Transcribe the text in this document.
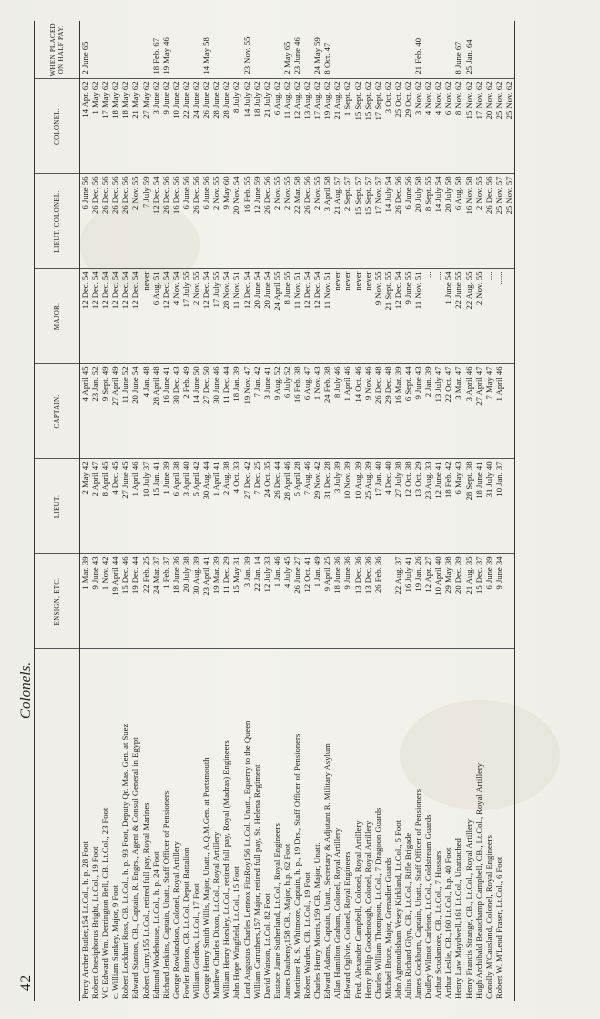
42
Colonels.
	ENSIGN, ETC.	LIEUT.	CAPTAIN.	MAJOR.	LIEUT. COLONEL.	COLONEL.	WHEN PLACED ON HALF PAY.
Percy Archer Butler,154 Lt.Col., h. p. 28 Foot	1 Mar. 39	2 May 42	4 April 45	12 Dec. 54	6 June 56	14 Apr. 62	2 June 65
Robert Onesiphorus Bright, Lt.Col., 19 Foot	9 June 43	2 April 47	23 Jan. 52	12 Dec. 54	26 Dec. 56	1 May 62	
VC Edward Wm. Derrington Bell, CB. Lt.Col., 23 Foot	1 Nov. 42	8 April 45	9 Sept. 49	12 Dec. 54	26 Dec. 56	17 May 62	
c. William Sankey, Major, 9 Foot	19 April 44	4 Dec. 45	27 April 49	12 Dec. 54	26 Dec. 56	18 May 62	
Robert Lockhart Ross, CB. Lt.Col., h. p. 93 Foot, Deputy Qr. Mas. Gen. at Suez	15 Dec. 46	27 June 45	11 June 52	12 Dec. 54	26 Dec. 56	18 May 62	
Edward Stanton, CB., Captain, R. Engrs., Agent & Consul General in Egypt	19 Dec. 44	1 April 46	20 June 54	12 Dec. 54	2 Nov. 55	21 May 62	
Robert Curry,155 Lt.Col., retired full pay, Royal Marines	22 Feb. 25	10 July 37	4 Jan. 48	never	7 July 59	27 May 62	
Edmund Wodehouse, Lt.Col., h. p. 24 Foot	24 Mar. 37	15 Jan. 41	28 April 48	6 Aug. 51	12 Dec. 54	3 June 62	18 Feb. 67
Richard Jenkins, Captain, Unatt., Staff Officer of Pensioners	1 Feb. 37	1 June 39	16 June 41	12 Dec. 54	26 Dec. 56	9 June 62	19 May 46
George Rowlandson, Colonel, Royal Artillery	18 June 36	6 April 38	30 Dec. 43	4 Nov. 54	16 Dec. 56	10 June 62	
Fowler Burton, CB. Lt.Col. Depot Battalion	20 July 38	3 April 40	2 Feb. 49	17 July 55	6 June 56	22 June 62	
William Gordon, Lt.Col., 17 Foot	30 Aug. 39	5 April 42	14 June 50	2 Nov. 55	26 Dec. 56	24 June 62	
George Henry Smith Willis, Major, Unatt., A.Q.M.Gen. at Portsmouth	23 April 41	30 Aug. 44	27 Dec. 50	12 Dec. 54	6 June 56	26 June 62	14 May 58
Matthew Charles Dixon, Lt.Col., Royal Artillery	19 Mar. 39	1 April 41	30 June 46	17 July 55	2 Nov. 55	28 June 62	
William Henry Horsley, Lt.Col., retired full pay, Royal (Madras) Engineers	11 Dec. 29	2 Aug. 38	11 Dec. 44	28 Nov. 54	9 May 60	28 June 62	
John Hope Wingfield, Lt.Col., 15 Foot	15 May 31	4 Oct. 33	18 Jan. 39	11 Nov. 51	20 Nov. 54	8 July 62	
Lord Augustus Charles Lennox FitzRoy156 Lt.Col. Unatt., Equerry to the Queen	3 Jan. 39	27 Dec. 42	19 Nov. 47	12 Dec. 54	16 Feb. 55	14 July 62	23 Nov. 55
William Carruthers,157 Major, retired full pay, St. Helena Regiment	22 Jan. 14	7 Dec. 25	7 Jan. 42	20 June 54	12 June 59	18 July 62	
David Watson, Lt.Col. 82 Foot	12 July 33	24 Oct. 35	3 June 41	20 June 54	26 Dec. 56	21 July 62	
Eustace Jame Sutherland, Lt.Col., Royal Engineers	1 Jan. 46	26 Dec. 44	9 Aug. 52	24 April 55	2 Nov. 55	6 Aug. 62	
James Daubeny,158 CB., Major, h.p. 62 Foot	4 July 45	28 April 46	6 July 52	8 June 55	2 Nov. 55	11 Aug. 62	2 May 65
Mortimer R. S. Whitmore, Captain, h. p., 19 Drs., Staff Officer of Pensioners	26 June 27	5 April 28	16 Feb. 38	11 Nov. 51	22 Mar. 58	12 Aug. 62	23 June 46
Robert Warden, CB. Lt.Col., 19 Foot	12 Oct. 41	7 Aug. 46	6 Aug. 47	12 Dec. 54	26 Dec. 56	13 Aug. 62	
Charles Henry Morris,159 CB., Major, Unatt.	1 Jan. 49	29 Nov. 42	1 Nov. 43	12 Dec. 54	2 Nov. 55	17 Aug. 62	24 May 59
Edward Adams, Captain, Unatt., Secretary & Adjutant R. Military Asylum	9 April 25	31 Dec. 28	24 Feb. 38	11 Nov. 51	3 April 58	19 Aug. 62	8 Oct. 47
Allan Hamilton Graham, Colonel, Royal Artillery	18 June 36	3 July 39	8 July 46	never	21 Aug. 57	21 Aug. 62	
Edward Ogilvie, Colonel, Royal Engineers	9 June 36	10 Nov. 39	1 April 46	never	2 Sept. 57	1 Sept. 62	
Fred. Alexander Campbell, Colonel, Royal Artillery	13 Dec. 36	10 Aug. 39	14 Oct. 46	never	15 Sept. 57	15 Sept. 62	
Henry Philip Goodenough, Colonel, Royal Artillery	13 Dec. 36	25 Aug. 39	9 Nov. 46	never	15 Sept. 57	15 Sept. 62	
Charles William Thompson, Lt.Col., 7 Dragoon Guards	26 Feb. 36	17 Jan. 40	26 Dec. 48	9 Nov. 55	17 Nov. 57	17 Sept. 62	
Michael Bruce, Major, Grenadier Guards		4 Dec. 40	29 Dec. 48	21 Sept. 55	14 July 54	3 Oct. 62	
John Agmondisham Vesey Kirkland, Lt.Col., 5 Foot	22 Aug. 37	27 July 38	16 Mar. 39	12 Dec. 54	26 Dec. 56	25 Oct. 62	
Julius Richard Glyn, CB., Lt.Col., Rifle Brigade	16 July 41	12 Oct. 38	6 Sept. 44	9 June 55	6 June 56	29 Oct. 62	
James Cockburn, Captain, Unatt., Staff Officer of Pensioners	19 Jan. 26	13 Oct. 29	9 June 43	11 Nov. 51	20 July 58	3 Nov. 62	21 Feb. 40
Dudley Wilmot Carleton, Lt.Col., Coldstream Guards	12 Apr. 27	23 Aug. 33	2 Jan. 39	...	8 Sept. 55	4 Nov. 62	
Arthur Scudamore, CB., Lt.Col., 7 Hussars	10 April 40	12 June 41	13 July 47	....	14 July 54	4 Nov. 62	
Arthur Leslie, CB.,160 Lt.Col., h.p. 40 Foot	29 May 38	18 Feb. 42	22 Oct. 47	1 June 54	20 July 58	6 Nov. 62	
Henry Law Maydwell,161 Lt.Col., Unattached	20 Dec. 39	6 May 43	3 Mar. 47	22 June 55	6 Aug. 58	8 Nov. 62	8 June 67
Henry Francis Strange, CB., Lt.Col., Royal Artillery	21 Aug. 35	28 Sept. 38	3 April 46	22 Aug. 55	16 Nov. 58	15 Nov. 62	25 Jan. 64
Hugh Archibald Beauchamp Campbell, CB., Lt.Col., Royal Artillery	15 Dec. 37	18 June 41	27 April 47	2 Nov. 55	2 Nov. 55	17 Nov. 62	
Conolly M'Causland, Colonel, Royal Engineers	6 June 39	31 July 40	7 May 47	....	26 Dec. 56	20 Nov. 62	
Robert W. M'Leod Fraser, Lt.Col., 6 Foot	9 June 34	10 Jan. 37	1 April 46	......	25 Nov. 57	25 Nov. 62	
					25 Nov. 57	25 Nov. 62	
